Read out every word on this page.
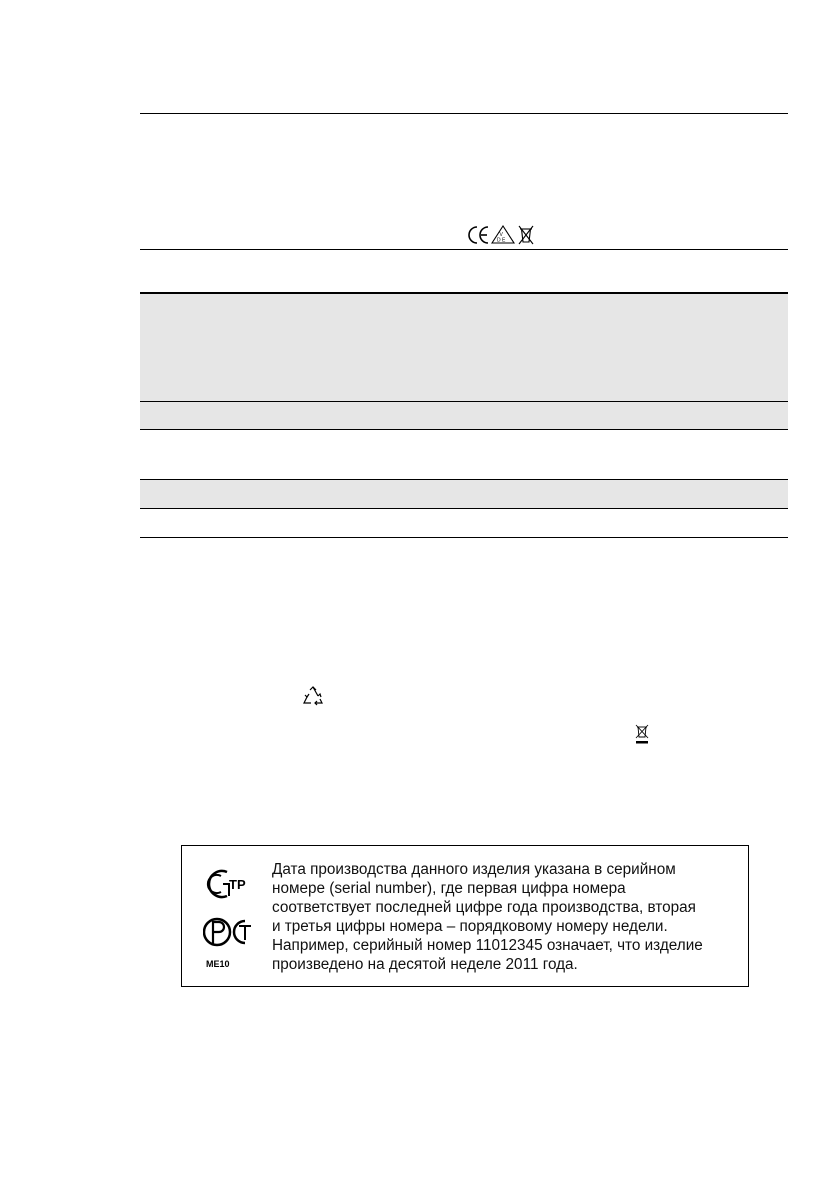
V
D E
TP
ME10
Дата производства данного изделия указана в серийном
номере (serial number), где первая цифра номера
соответствует последней цифре года производства, вторая
и третья цифры номера – порядковому номеру недели.
Например, серийный номер 11012345 означает, что изделие
произведено на десятой неделе 2011 года.
